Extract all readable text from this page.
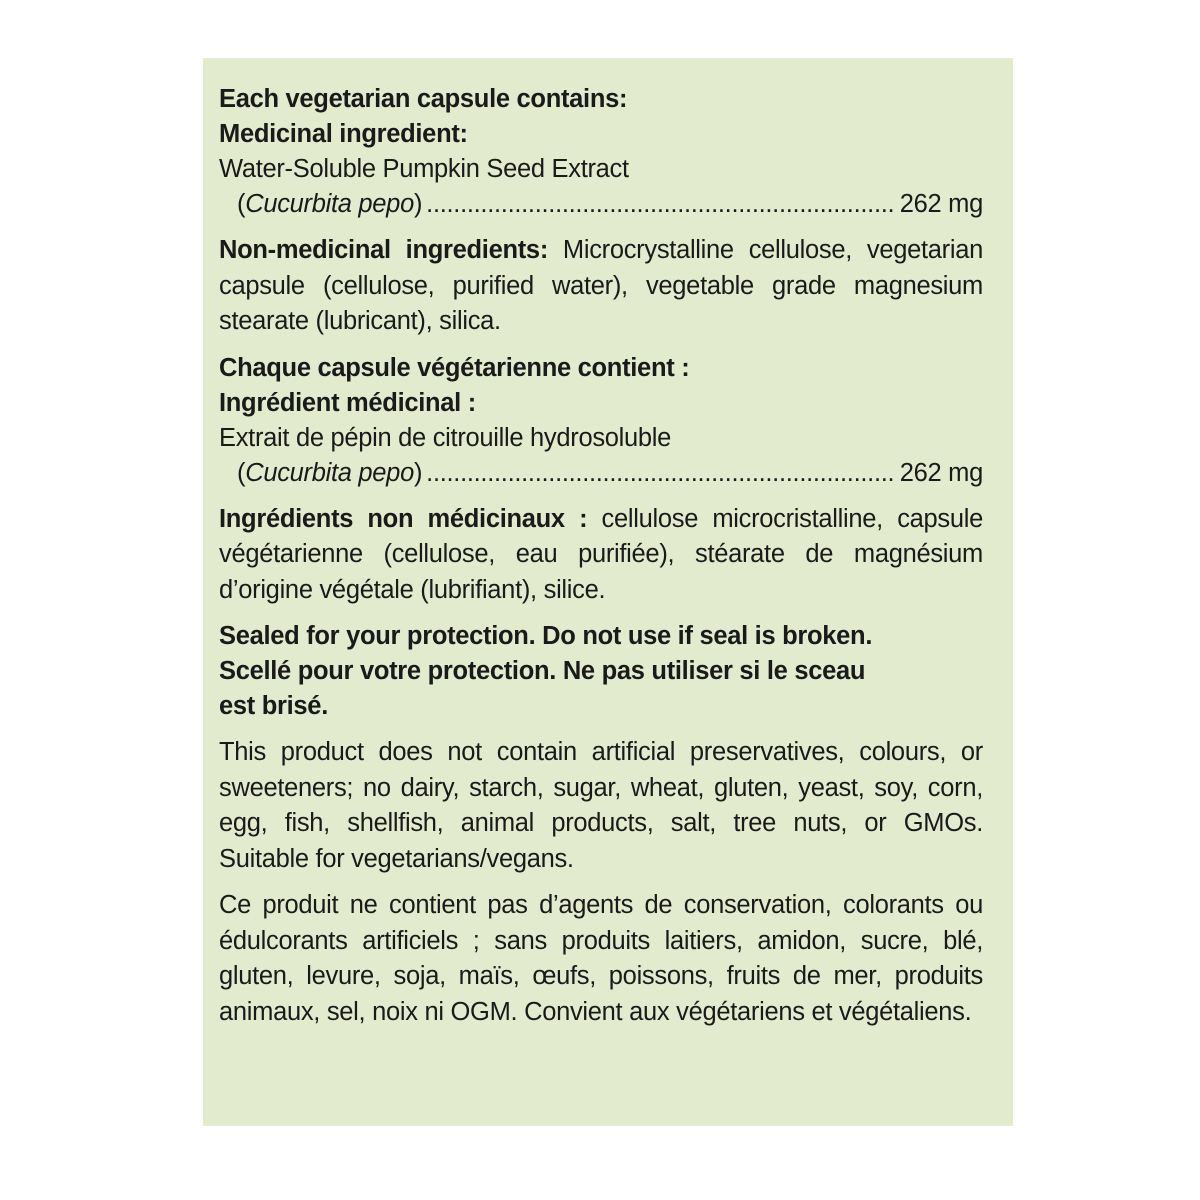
Each vegetarian capsule contains:
Medicinal ingredient:
Water-Soluble Pumpkin Seed Extract
(Cucurbita pepo) .....	262 mg
Non-medicinal ingredients: Microcrystalline cellulose, vegetarian capsule (cellulose, purified water), vegetable grade magnesium stearate (lubricant), silica.
Chaque capsule végétarienne contient :
Ingrédient médicinal :
Extrait de pépin de citrouille hydrosoluble
(Cucurbita pepo) .....	262 mg
Ingrédients non médicinaux : cellulose microcristalline, capsule végétarienne (cellulose, eau purifiée), stéarate de magnésium d’origine végétale (lubrifiant), silice.
Sealed for your protection. Do not use if seal is broken.
Scellé pour votre protection. Ne pas utiliser si le sceau
est brisé.
This product does not contain artificial preservatives, colours, or sweeteners; no dairy, starch, sugar, wheat, gluten, yeast, soy, corn, egg, fish, shellfish, animal products, salt, tree nuts, or GMOs. Suitable for vegetarians/vegans.
Ce produit ne contient pas d’agents de conservation, colorants ou édulcorants artificiels ; sans produits laitiers, amidon, sucre, blé, gluten, levure, soja, maïs, œufs, poissons, fruits de mer, produits animaux, sel, noix ni OGM. Convient aux végétariens et végétaliens.
